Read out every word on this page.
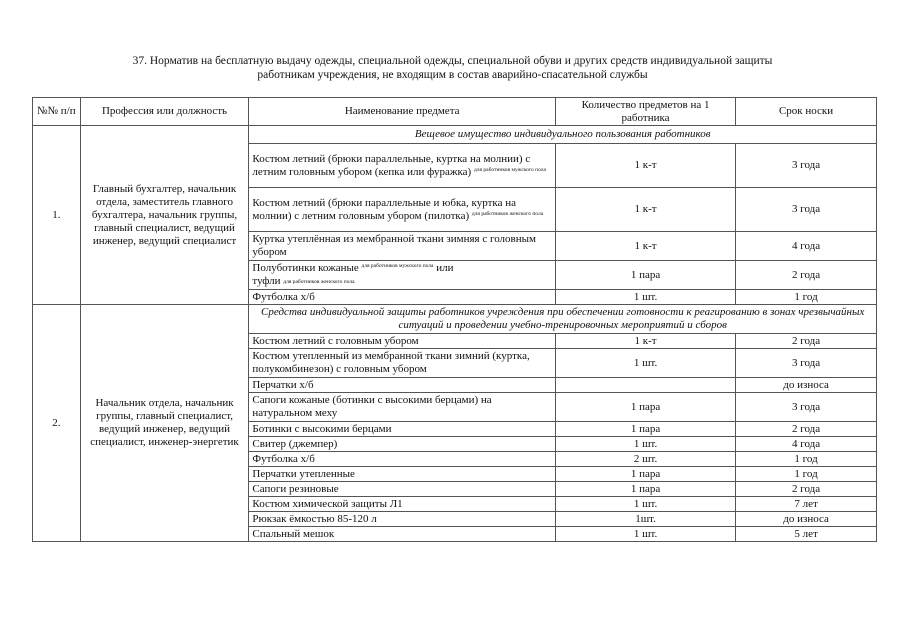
37. Норматив на бесплатную выдачу одежды, специальной одежды, специальной обуви и других средств индивидуальной защиты
работникам учреждения, не входящим в состав аварийно-спасательной службы
№№ п/п	Профессия или должность	Наименование предмета	Количество предметов на 1 работника	Срок носки
1.	Главный бухгалтер, начальник отдела, заместитель главного бухгалтера, начальник группы, главный специалист, ведущий инженер, ведущий специалист	Вещевое имущество индивидуального пользования работников		
		Костюм летний (брюки параллельные, куртка на молнии) с летним головным убором (кепка или фуражка) $^{для работников мужского пола}$	1 к-т	3 года
		Костюм летний (брюки параллельные и юбка, куртка на молнии) с летним головным убором (пилотка) $^{для работников женского пола}$	1 к-т	3 года
		Куртка утеплённая из мембранной ткани зимняя с головным убором	1 к-т	4 года
		Полуботинки кожаные $^{для работников мужского пола}$ или
туфли для работников женского пола	1 пара	2 года
		Футболка х/б	1 шт.	1 год
2.	Начальник отдела, начальник группы, главный специалист, ведущий инженер, ведущий специалист, инженер-энергетик	Средства индивидуальной защиты работников учреждения при обеспечении готовности к реагированию в зонах чрезвычайных ситуаций и проведении учебно-тренировочных мероприятий и сборов		
		Костюм летний с головным убором	1 к-т	2 года
		Костюм утепленный из мембранной ткани зимний (куртка, полукомбинезон) с головным убором	1 шт.	3 года
		Перчатки х/б		до износа
		Сапоги кожаные (ботинки с высокими берцами) на натуральном меху	1 пара	3 года
		Ботинки с высокими берцами	1 пара	2 года
		Свитер (джемпер)	1 шт.	4 года
		Футболка х/б	2 шт.	1 год
		Перчатки утепленные	1 пара	1 год
		Сапоги резиновые	1 пара	2 года
		Костюм химической защиты Л1	1 шт.	7 лет
		Рюкзак ёмкостью 85-120 л	1шт.	до износа
		Спальный мешок	1 шт.	5 лет
